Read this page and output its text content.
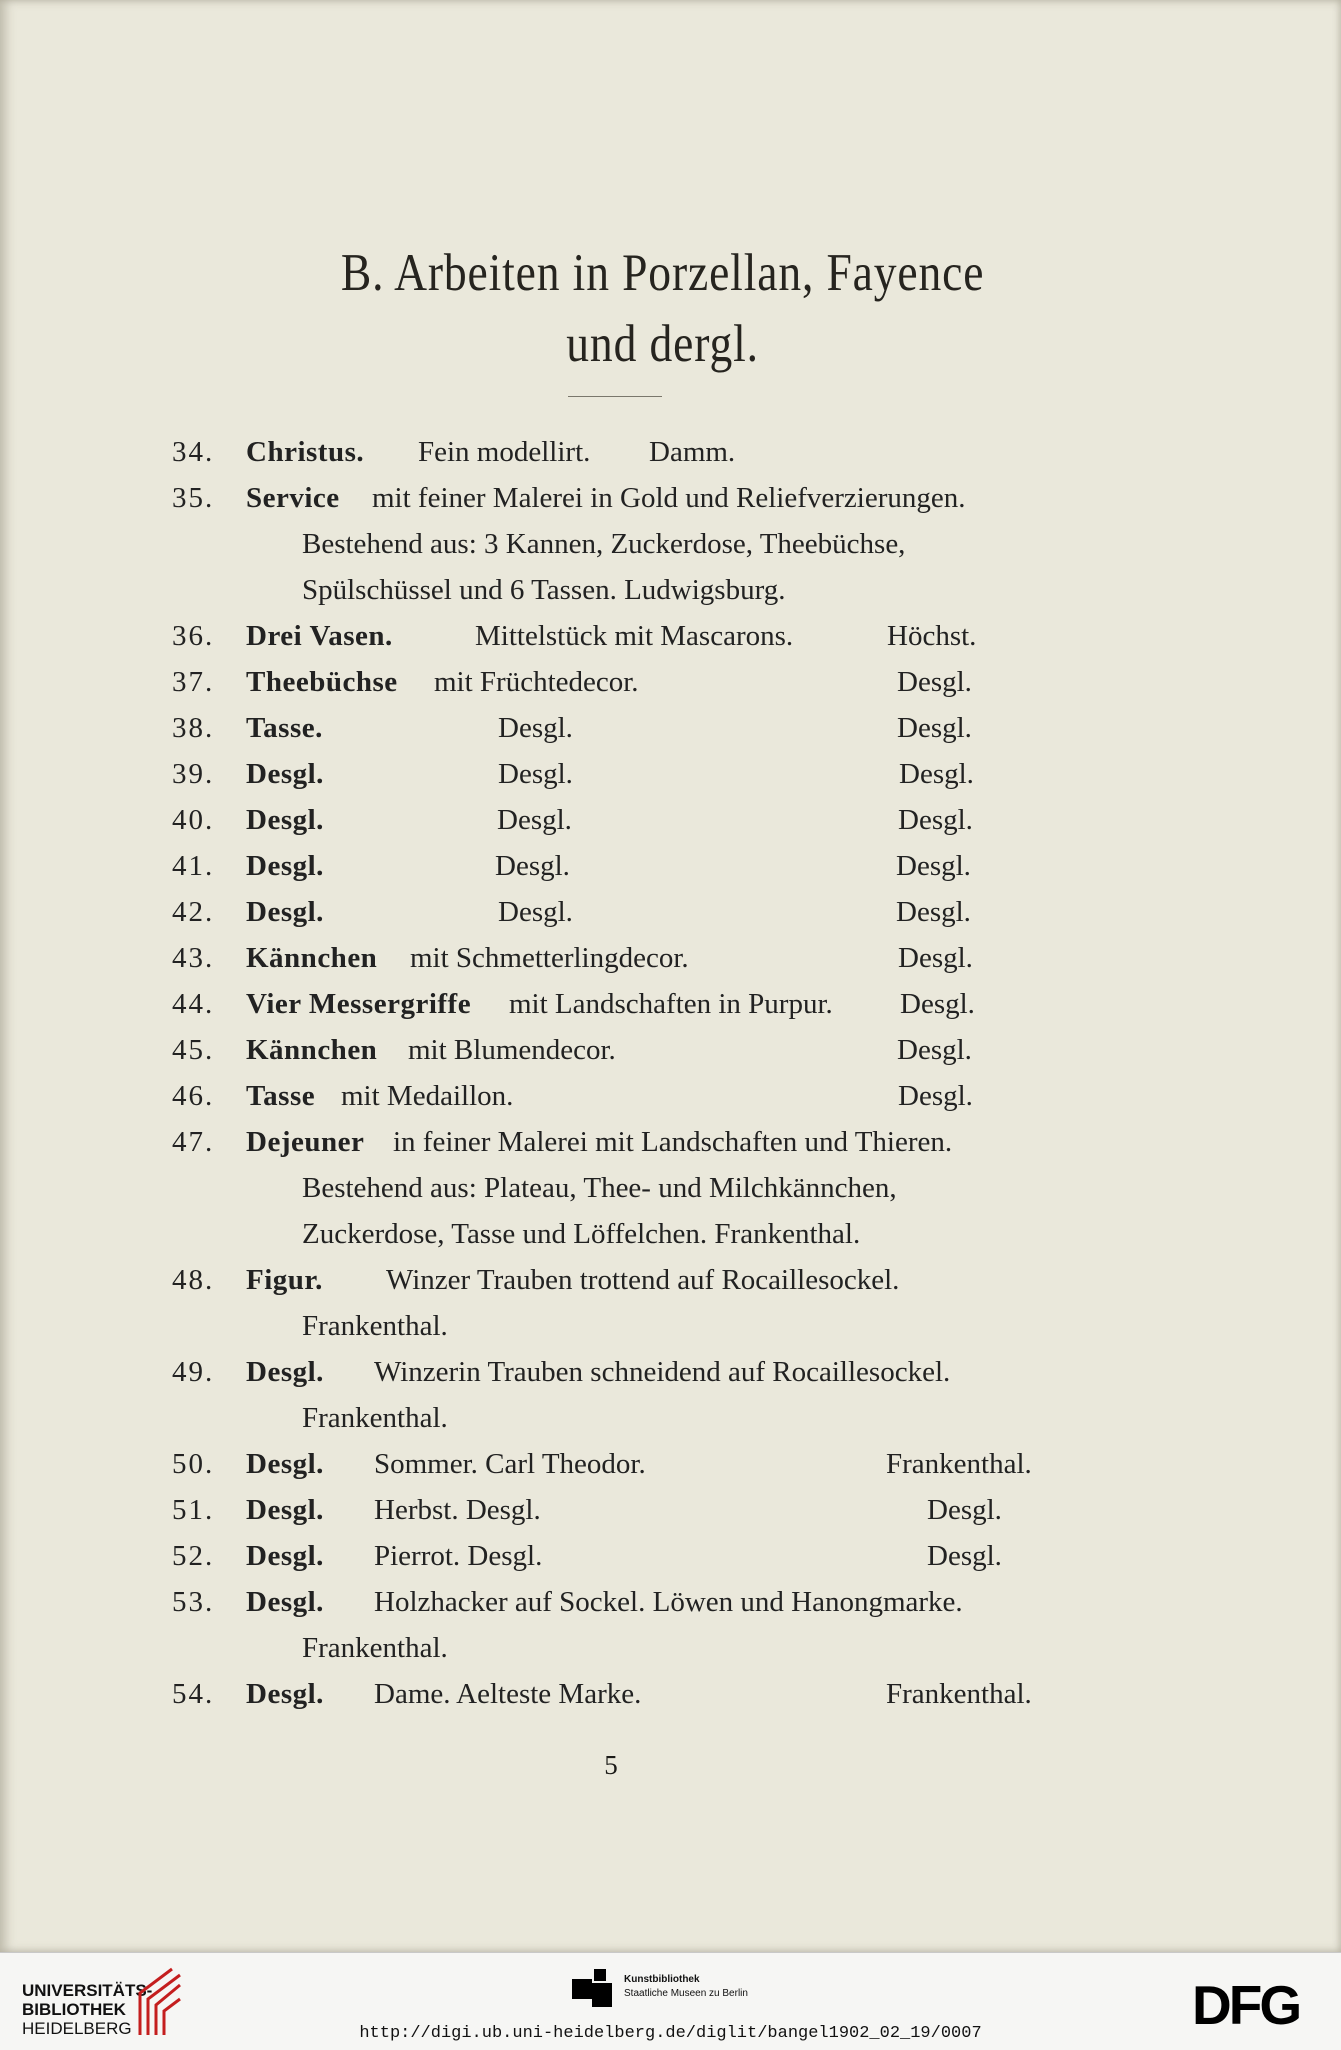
B. Arbeiten in Porzellan, Fayence
und dergl.
34. Christus. Fein modellirt. Damm.
35. Service mit feiner Malerei in Gold und Reliefverzierungen.
Bestehend aus: 3 Kannen, Zuckerdose, Theebüchse,
Spülschüssel und 6 Tassen. Ludwigsburg.
36. Drei Vasen.	Mittelstück mit Mascarons.	Höchst.
37. Theebüchse mit Früchtedecor.	Desgl.
38. Tasse.	Desgl.	Desgl.
39. Desgl.	Desgl.	Desgl.
40. Desgl.	Desgl.	Desgl.
41. Desgl.	Desgl.	Desgl.
42. Desgl.	Desgl.	Desgl.
43. Kännchen mit Schmetterlingdecor.	Desgl.
44. Vier Messergriffe mit Landschaften in Purpur. Desgl.
45. Kännchen mit Blumendecor.	Desgl.
46. Tasse mit Medaillon.	Desgl.
47. Dejeuner in feiner Malerei mit Landschaften und Thieren.
Bestehend aus: Plateau, Thee- und Milchkännchen,
Zuckerdose, Tasse und Löffelchen. Frankenthal.
48. Figur. Winzer Trauben trottend auf Rocaillesockel.
Frankenthal.
49. Desgl. Winzerin Trauben schneidend auf Rocaillesockel.
Frankenthal.
50. Desgl. Sommer. Carl Theodor.	Frankenthal.
51. Desgl. Herbst. Desgl.	Desgl.
52. Desgl. Pierrot. Desgl.	Desgl.
53. Desgl. Holzhacker auf Sockel. Löwen und Hanongmarke.
Frankenthal.
54. Desgl. Dame. Aelteste Marke.	Frankenthal.
5
UNIVERSITÄTS-
BIBLIOTHEK
HEIDELBERG
Kunstbibliothek
Staatliche Museen zu Berlin	DFG
http://digi.ub.uni-heidelberg.de/diglit/bangel1902_02_19/0007
